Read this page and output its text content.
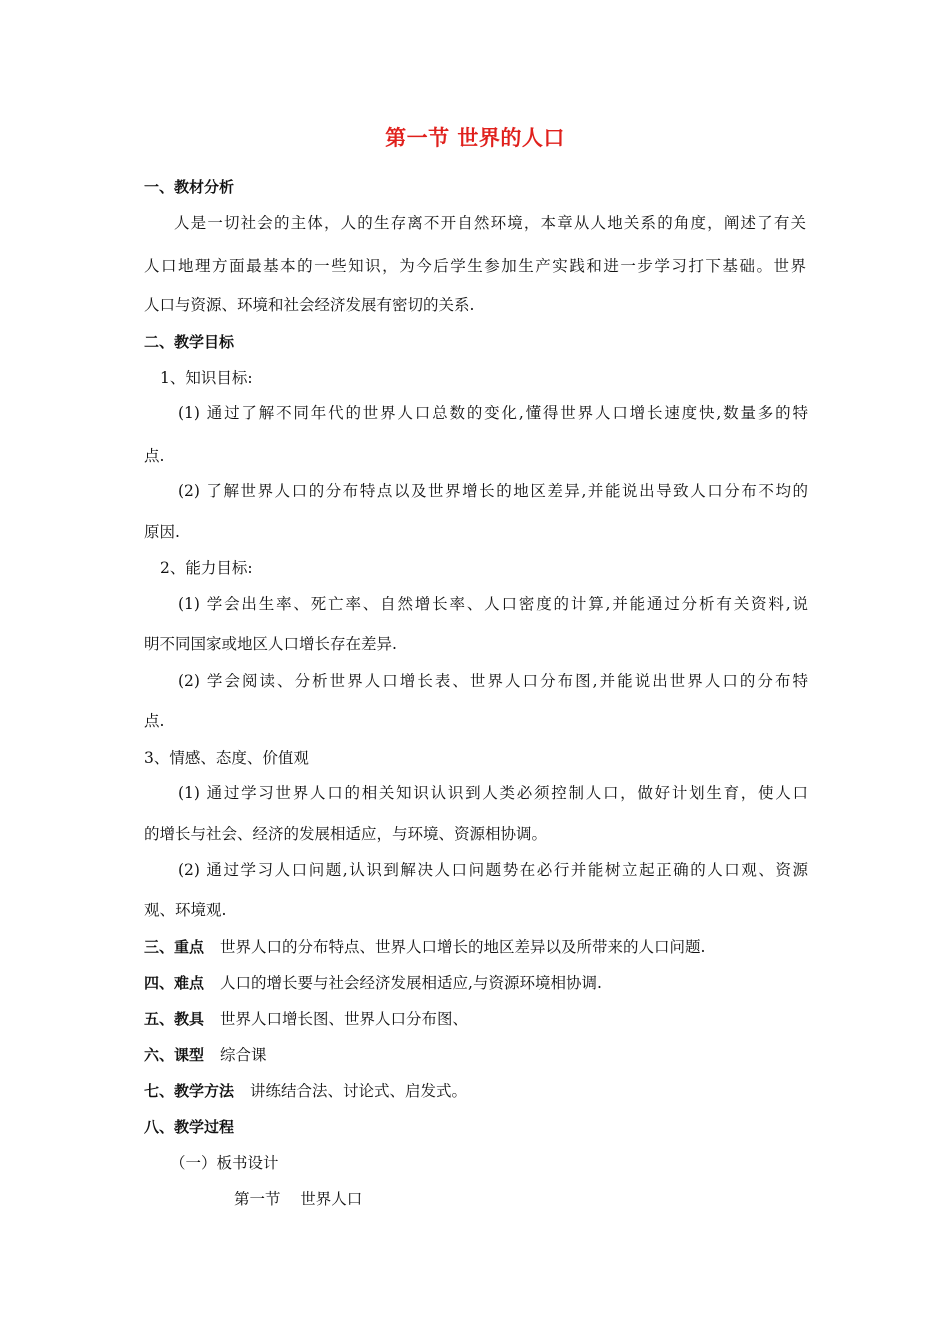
第一节 世界的人口
一、教材分析
人是一切社会的主体，人的生存离不开自然环境，本章从人地关系的角度，阐述了有关
人口地理方面最基本的一些知识，为今后学生参加生产实践和进一步学习打下基础。世界
人口与资源、环境和社会经济发展有密切的关系.
二、教学目标
1、知识目标:
(1) 通过了解不同年代的世界人口总数的变化,懂得世界人口增长速度快,数量多的特
点.
(2) 了解世界人口的分布特点以及世界增长的地区差异,并能说出导致人口分布不均的
原因.
2、能力目标:
(1) 学会出生率、死亡率、自然增长率、人口密度的计算,并能通过分析有关资料,说
明不同国家或地区人口增长存在差异.
(2) 学会阅读、分析世界人口增长表、世界人口分布图,并能说出世界人口的分布特
点.
3、情感、态度、价值观
(1) 通过学习世界人口的相关知识认识到人类必须控制人口，做好计划生育，使人口
的增长与社会、经济的发展相适应，与环境、资源相协调。
(2) 通过学习人口问题,认识到解决人口问题势在必行并能树立起正确的人口观、资源
观、环境观.
三、重点 世界人口的分布特点、世界人口增长的地区差异以及所带来的人口问题.
四、难点 人口的增长要与社会经济发展相适应,与资源环境相协调.
五、教具 世界人口增长图、世界人口分布图、
六、课型 综合课
七、教学方法 讲练结合法、讨论式、启发式。
八、教学过程
（一）板书设计
第一节    世界人口
